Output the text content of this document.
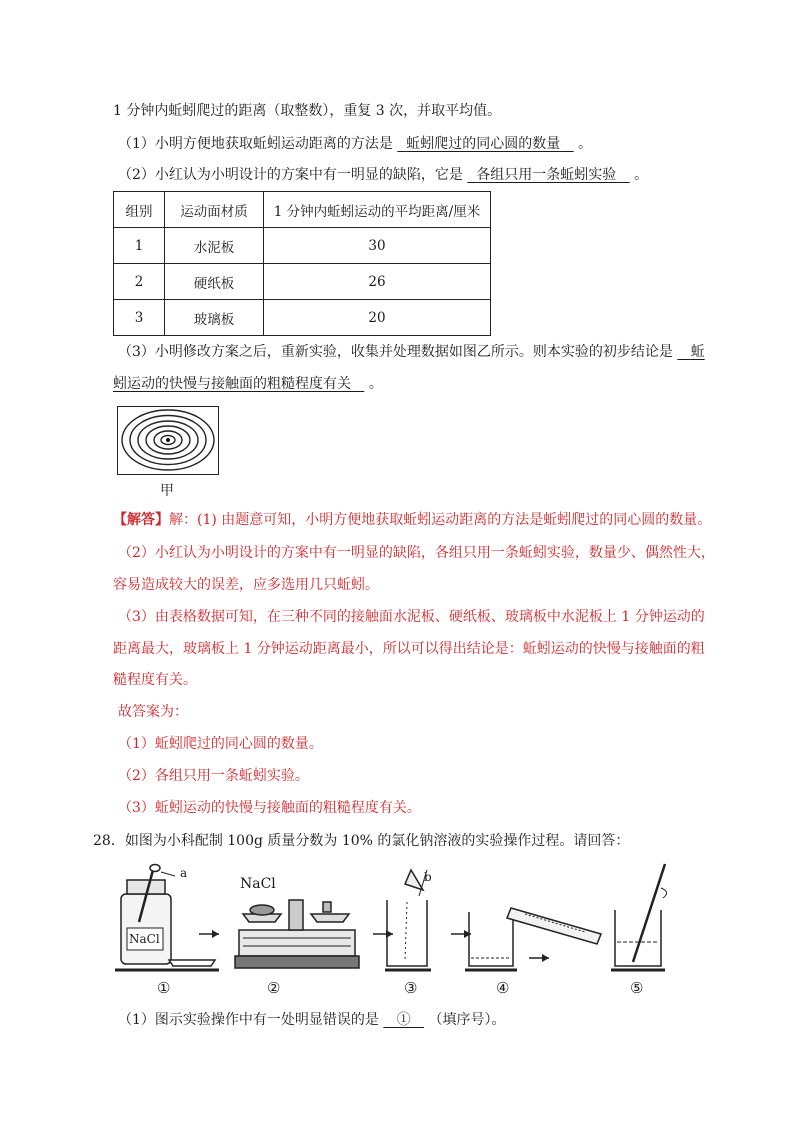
1 分钟内蚯蚓爬过的距离（取整数），重复 3 次，并取平均值。
（1）小明方便地获取蚯蚓运动距离的方法是 蚯蚓爬过的同心圆的数量 。
（2）小红认为小明设计的方案中有一明显的缺陷，它是 各组只用一条蚯蚓实验 。
组别	运动面材质	1 分钟内蚯蚓运动的平均距离/厘米
1	水泥板	30
2	硬纸板	26
3	玻璃板	20
（3）小明修改方案之后，重新实验，收集并处理数据如图乙所示。则本实验的初步结论是 蚯
蚓运动的快慢与接触面的粗糙程度有关 。
甲
【解答】解：(1) 由题意可知，小明方便地获取蚯蚓运动距离的方法是蚯蚓爬过的同心圆的数量。
（2）小红认为小明设计的方案中有一明显的缺陷，各组只用一条蚯蚓实验，数量少、偶然性大，
容易造成较大的误差，应多选用几只蚯蚓。
（3）由表格数据可知，在三种不同的接触面水泥板、硬纸板、玻璃板中水泥板上 1 分钟运动的
距离最大，玻璃板上 1 分钟运动距离最小，所以可以得出结论是：蚯蚓运动的快慢与接触面的粗
糙程度有关。
故答案为：
（1）蚯蚓爬过的同心圆的数量。
（2）各组只用一条蚯蚓实验。
（3）蚯蚓运动的快慢与接触面的粗糙程度有关。
28．如图为小科配制 100g 质量分数为 10% 的氯化钠溶液的实验操作过程。请回答：
a	b
NaCl
NaCl
①	②	③	④	⑤
（1）图示实验操作中有一处明显错误的是 ① （填序号）。
